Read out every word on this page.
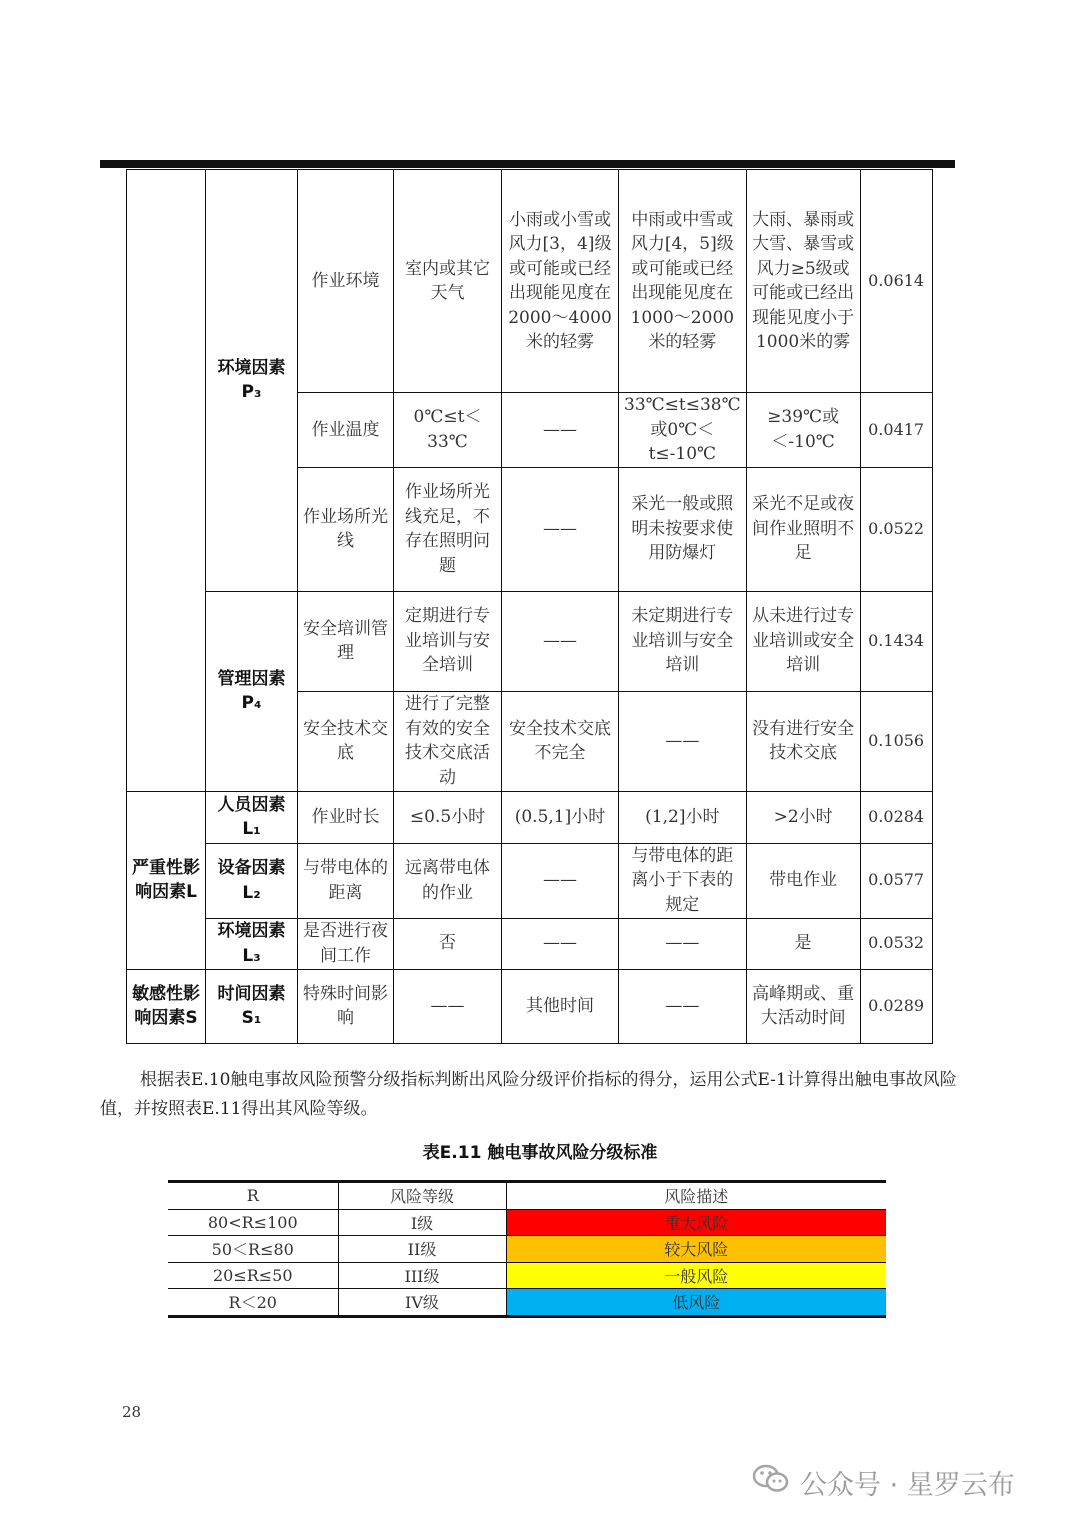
	环境因素P₃	作业环境	室内或其它天气	小雨或小雪或风力[3，4]级或可能或已经出现能见度在2000～4000米的轻雾	中雨或中雪或风力[4，5]级或可能或已经出现能见度在1000～2000米的轻雾	大雨、暴雨或大雪、暴雪或风力≥5级或可能或已经出现能见度小于1000米的雾	0.0614
		作业温度	0℃≤t＜33℃	——	33℃≤t≤38℃或0℃＜t≤-10℃	≥39℃或＜-10℃	0.0417
		作业场所光线	作业场所光线充足，不存在照明问题	——	采光一般或照明未按要求使用防爆灯	采光不足或夜间作业照明不足	0.0522
	管理因素P₄	安全培训管理	定期进行专业培训与安全培训	——	未定期进行专业培训与安全培训	从未进行过专业培训或安全培训	0.1434
		安全技术交底	进行了完整有效的安全技术交底活动	安全技术交底不完全	——	没有进行安全技术交底	0.1056
严重性影响因素L	人员因素L₁	作业时长	≤0.5小时	(0.5,1]小时	(1,2]小时	>2小时	0.0284
	设备因素L₂	与带电体的距离	远离带电体的作业	——	与带电体的距离小于下表的规定	带电作业	0.0577
	环境因素L₃	是否进行夜间工作	否	——	——	是	0.0532
敏感性影响因素S	时间因素S₁	特殊时间影响	——	其他时间	——	高峰期或、重大活动时间	0.0289
根据表E.10触电事故风险预警分级指标判断出风险分级评价指标的得分，运用公式E-1计算得出触电事故风险值，并按照表E.11得出其风险等级。
表E.11 触电事故风险分级标准
R	风险等级	风险描述
80<R≤100	I级	重大风险
50＜R≤80	II级	较大风险
20≤R≤50	III级	一般风险
R＜20	IV级	低风险
28
公众号 · 星罗云布
